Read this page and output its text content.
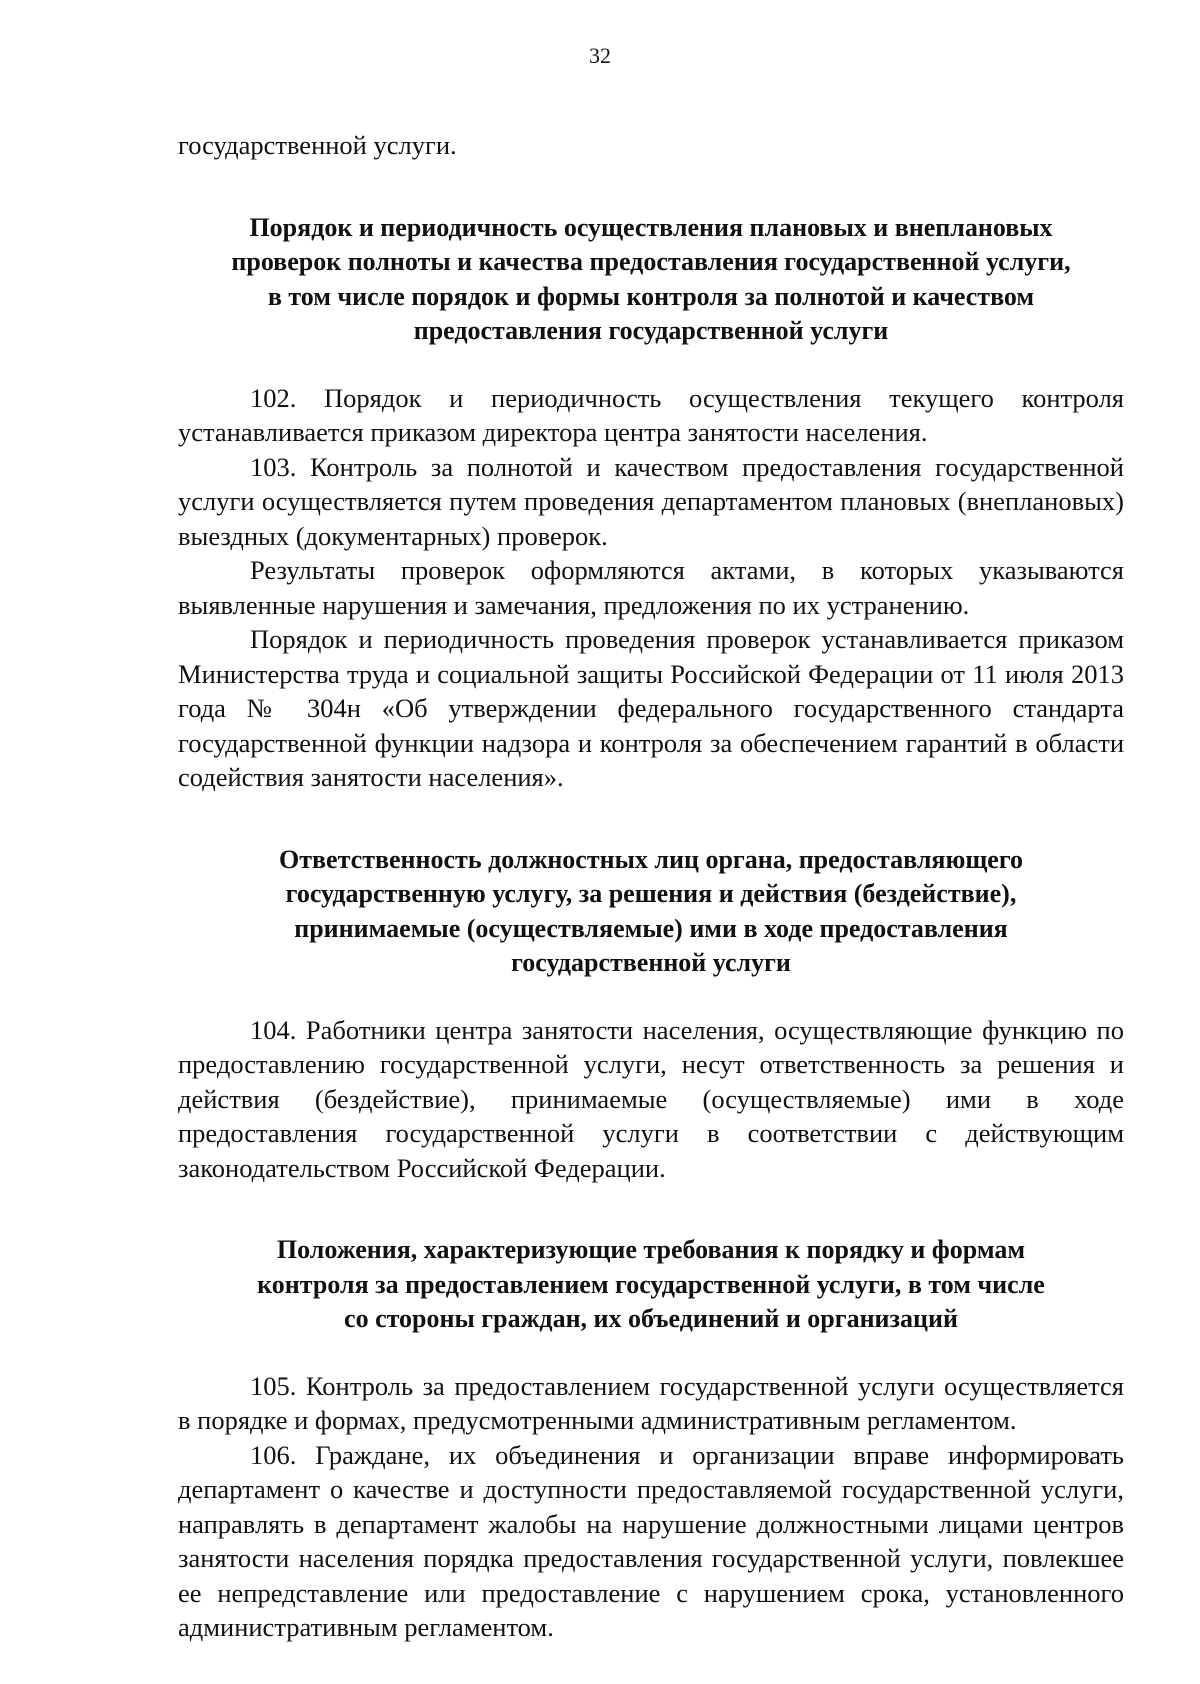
32

государственной услуги.

Порядок и периодичность осуществления плановых и внеплановых
проверок полноты и качества предоставления государственной услуги,
в том числе порядок и формы контроля за полнотой и качеством
предоставления государственной услуги

102. Порядок и периодичность осуществления текущего контроля устанавливается приказом директора центра занятости населения.

103. Контроль за полнотой и качеством предоставления государственной услуги осуществляется путем проведения департаментом плановых (внеплановых) выездных (документарных) проверок.

Результаты проверок оформляются актами, в которых указываются выявленные нарушения и замечания, предложения по их устранению.

Порядок и периодичность проведения проверок устанавливается приказом Министерства труда и социальной защиты Российской Федерации от 11 июля 2013 года № 304н «Об утверждении федерального государственного стандарта государственной функции надзора и контроля за обеспечением гарантий в области содействия занятости населения».

Ответственность должностных лиц органа, предоставляющего
государственную услугу, за решения и действия (бездействие),
принимаемые (осуществляемые) ими в ходе предоставления
государственной услуги

104. Работники центра занятости населения, осуществляющие функцию по предоставлению государственной услуги, несут ответственность за решения и действия (бездействие), принимаемые (осуществляемые) ими в ходе предоставления государственной услуги в соответствии с действующим законодательством Российской Федерации.

Положения, характеризующие требования к порядку и формам
контроля за предоставлением государственной услуги, в том числе
со стороны граждан, их объединений и организаций

105. Контроль за предоставлением государственной услуги осуществляется в порядке и формах, предусмотренными административным регламентом.

106. Граждане, их объединения и организации вправе информировать департамент о качестве и доступности предоставляемой государственной услуги, направлять в департамент жалобы на нарушение должностными лицами центров занятости населения порядка предоставления государственной услуги, повлекшее ее непредставление или предоставление с нарушением срока, установленного административным регламентом.
